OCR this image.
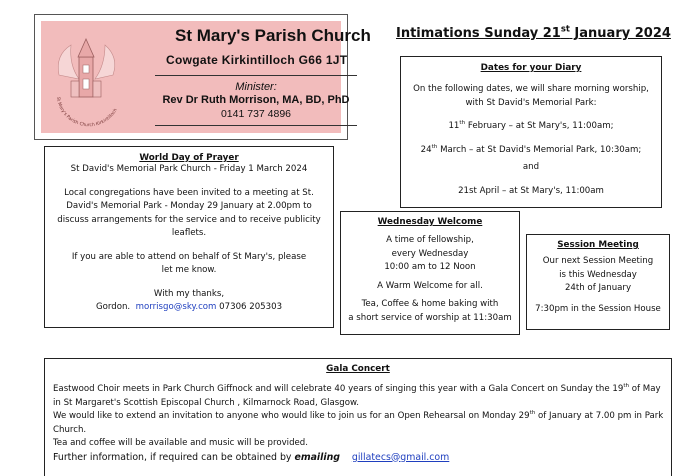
St Mary's Parish Church Kirkintilloch
St Mary's Parish Church
Cowgate Kirkintilloch G66 1JT
Minister:
Rev Dr Ruth Morrison, MA, BD, PhD
0141 737 4896
Intimations Sunday 21st January 2024
Dates for your Diary
On the following dates, we will share morning worship, with St David's Memorial Park:
11th February – at St Mary's, 11:00am;
24th March – at St David's Memorial Park, 10:30am;
and
21st April – at St Mary's, 11:00am
World Day of Prayer
St David's Memorial Park Church - Friday 1 March 2024
Local congregations have been invited to a meeting at St. David's Memorial Park - Monday 29 January at 2.00pm to discuss arrangements for the service and to receive publicity leaflets.
If you are able to attend on behalf of St Mary's, please let me know.
With my thanks,
Gordon. morrisgo@sky.com 07306 205303
Wednesday Welcome
A time of fellowship,
every Wednesday
10:00 am to 12 Noon
A Warm Welcome for all.
Tea, Coffee & home baking with
a short service of worship at 11:30am
Session Meeting
Our next Session Meeting
is this Wednesday
24th of January
7:30pm in the Session House
Gala Concert
Eastwood Choir meets in Park Church Giffnock and will celebrate 40 years of singing this year with a Gala Concert on Sunday the 19th of May in St Margaret's Scottish Episcopal Church , Kilmarnock Road, Glasgow.
We would like to extend an invitation to anyone who would like to join us for an Open Rehearsal on Monday 29th of January at 7.00 pm in Park Church.
Tea and coffee will be available and music will be provided.
Further information, if required can be obtained by emailing gillatecs@gmail.com
